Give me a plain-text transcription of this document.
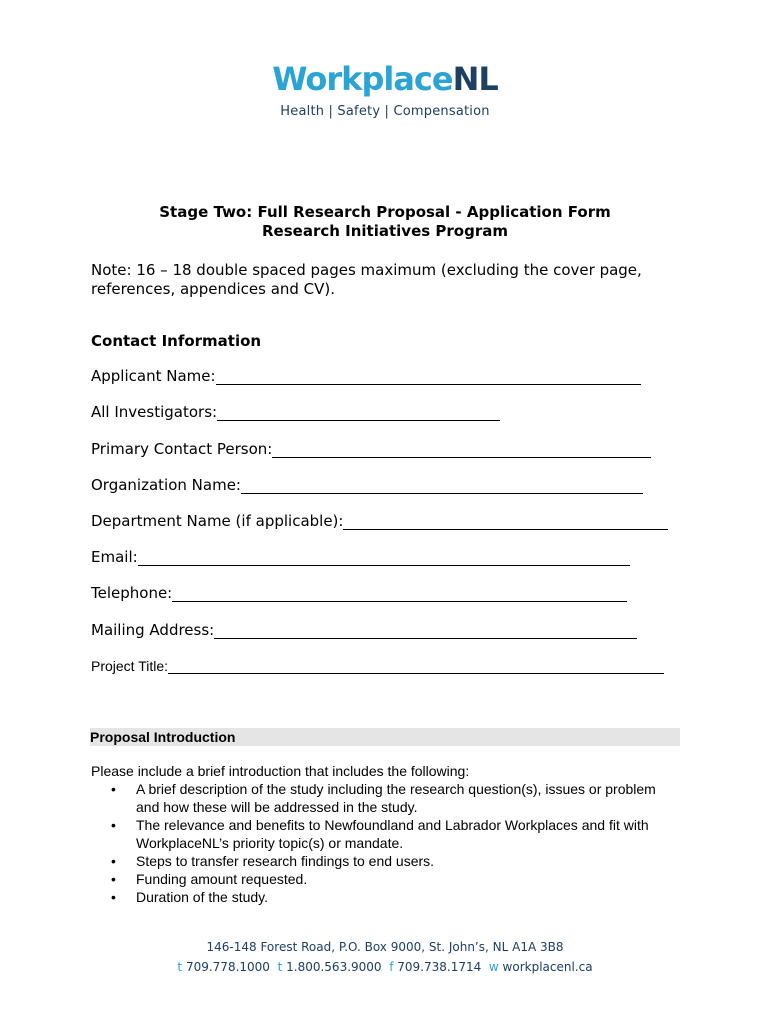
WorkplaceNL
Health | Safety | Compensation
Stage Two: Full Research Proposal - Application Form
Research Initiatives Program
Note: 16 – 18 double spaced pages maximum (excluding the cover page, references, appendices and CV).
Contact Information
Applicant Name:
All Investigators:
Primary Contact Person:
Organization Name:
Department Name (if applicable):
Email:
Telephone:
Mailing Address:
Project Title:
Proposal Introduction
Please include a brief introduction that includes the following:
• A brief description of the study including the research question(s), issues or problem and how these will be addressed in the study.
• The relevance and benefits to Newfoundland and Labrador Workplaces and fit with WorkplaceNL’s priority topic(s) or mandate.
• Steps to transfer research findings to end users.
• Funding amount requested.
• Duration of the study.
146-148 Forest Road, P.O. Box 9000, St. John’s, NL A1A 3B8
t 709.778.1000 t 1.800.563.9000 f 709.738.1714 w workplacenl.ca
